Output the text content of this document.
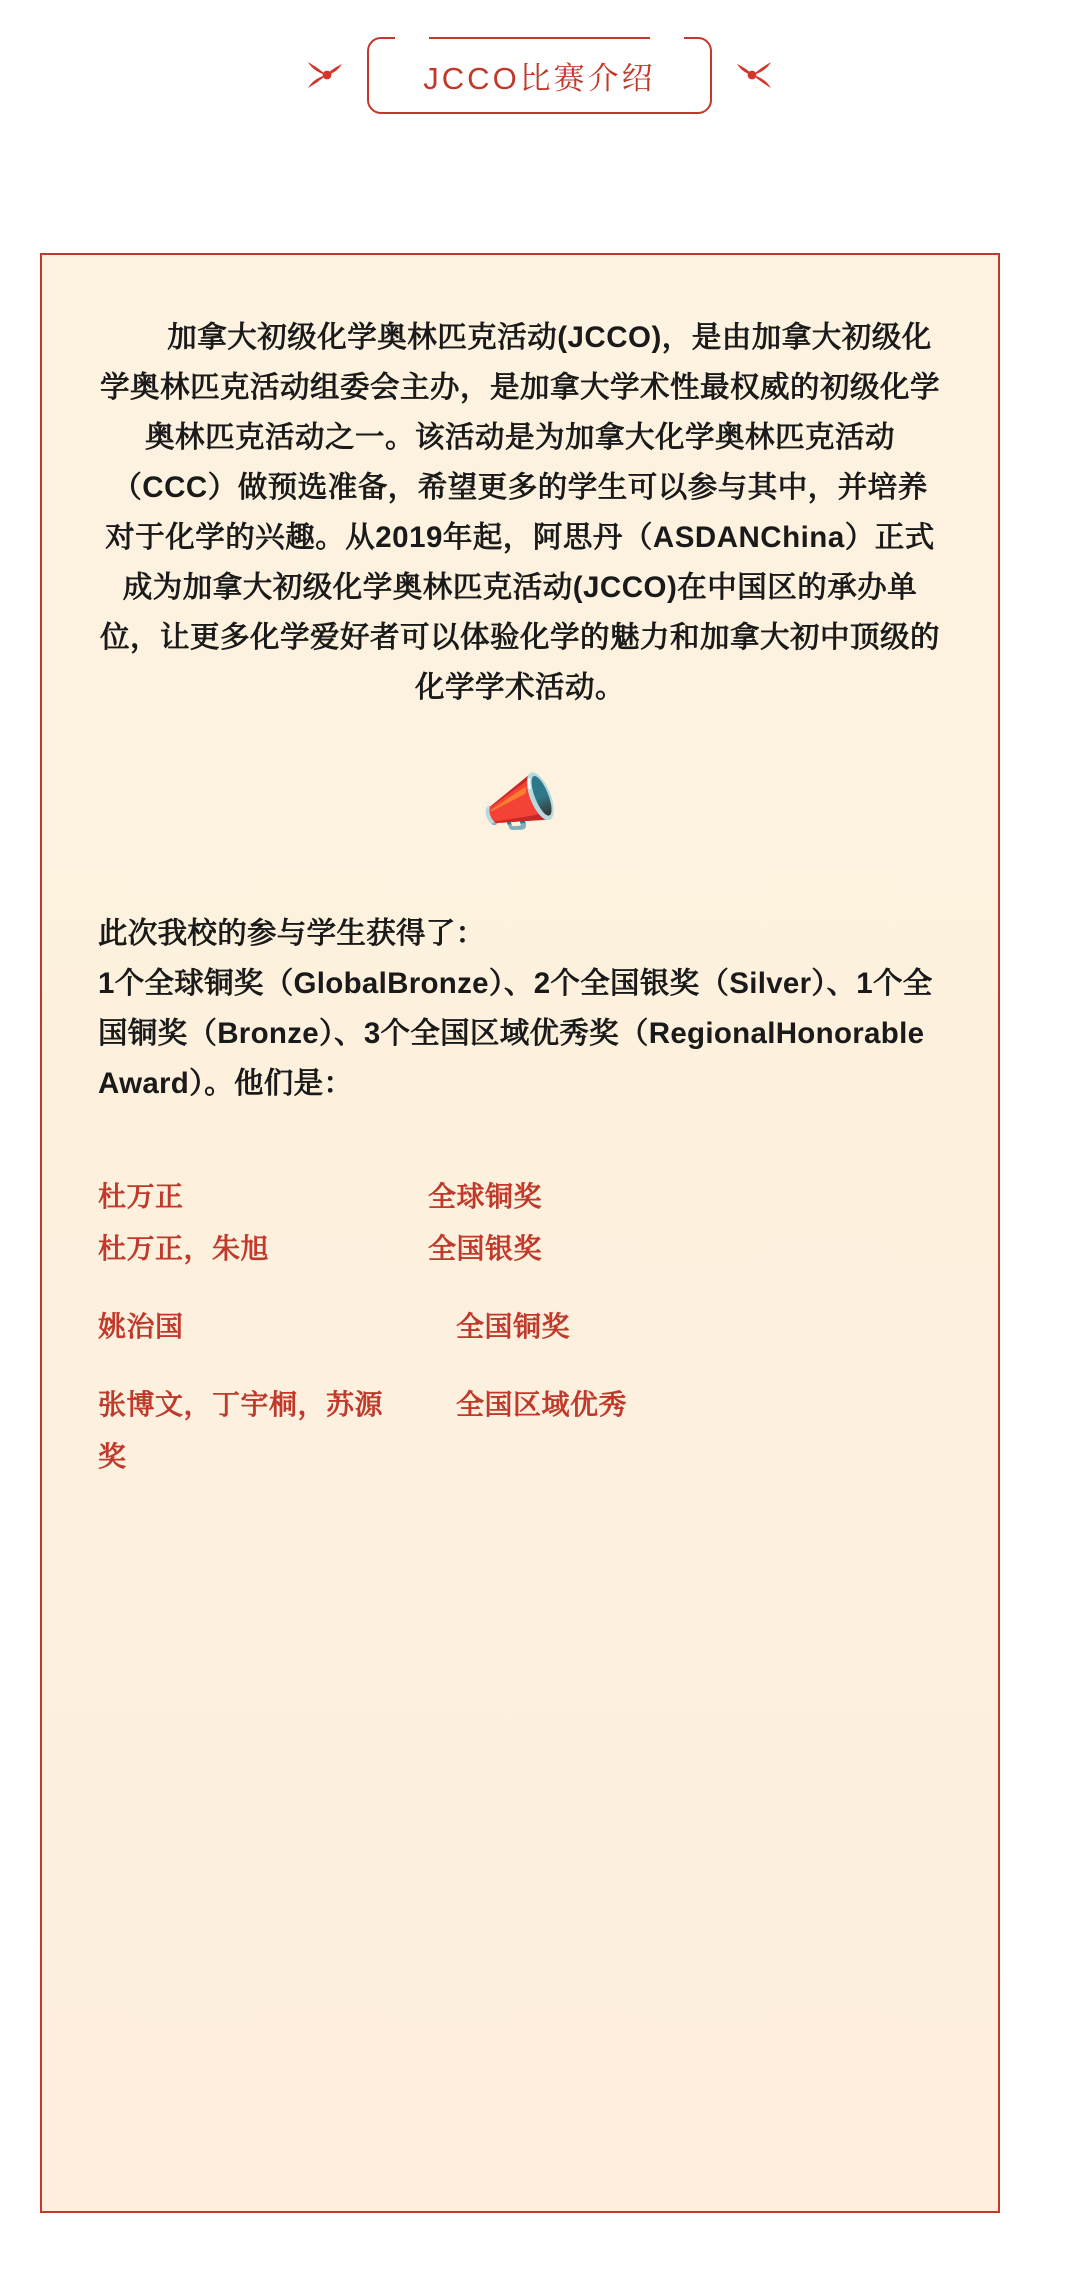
JCCO比赛介绍
加拿大初级化学奥林匹克活动(JCCO)，是由加拿大初级化学奥林匹克活动组委会主办，是加拿大学术性最权威的初级化学奥林匹克活动之一。该活动是为加拿大化学奥林匹克活动（CCC）做预选准备，希望更多的学生可以参与其中，并培养对于化学的兴趣。从2019年起，阿思丹（ASDANChina）正式成为加拿大初级化学奥林匹克活动(JCCO)在中国区的承办单位，让更多化学爱好者可以体验化学的魅力和加拿大初中顶级的化学学术活动。
📣

此次我校的参与学生获得了：

1个全球铜奖（GlobalBronze）、2个全国银奖（Silver）、1个全国铜奖（Bronze）、3个全国区域优秀奖（RegionalHonorable Award）。他们是：

杜万正	全球铜奖
杜万正，朱旭	全国银奖
姚治国	全国铜奖
张博文，丁宇桐，苏源	全国区域优秀
奖	
